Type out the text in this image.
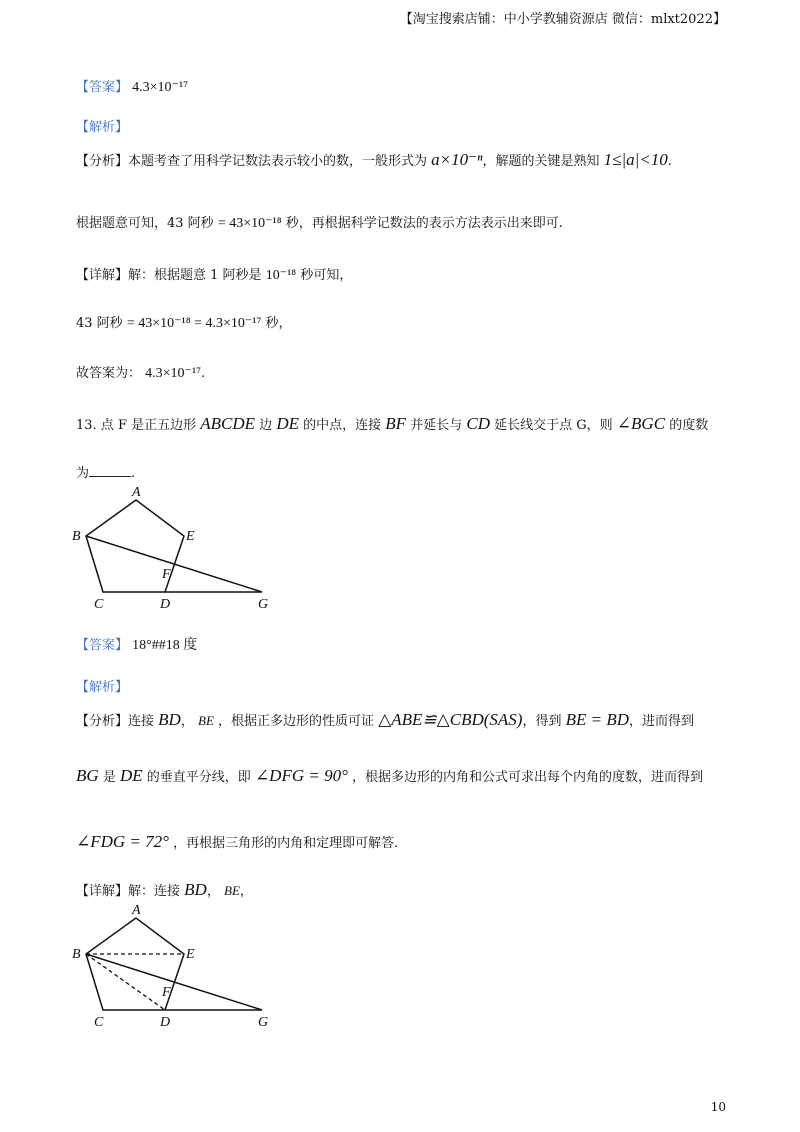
【淘宝搜索店铺：中小学教辅资源店 微信：mlxt2022】
【答案】 4.3×10⁻¹⁷
【解析】
【分析】本题考查了用科学记数法表示较小的数，一般形式为 a×10⁻ⁿ，解题的关键是熟知 1≤|a|<10.
根据题意可知，43 阿秒 = 43×10⁻¹⁸ 秒，再根据科学记数法的表示方法表示出来即可.
【详解】解：根据题意 1 阿秒是 10⁻¹⁸ 秒可知，
43 阿秒 = 43×10⁻¹⁸ = 4.3×10⁻¹⁷ 秒，
故答案为： 4.3×10⁻¹⁷.
13. 点 F 是正五边形 ABCDE 边 DE 的中点，连接 BF 并延长与 CD 延长线交于点 G，则 ∠BGC 的度数
为	.
A
B	E
F
C	D	G
【答案】 18°##18 度
【解析】
【分析】连接 BD， BE ，根据正多边形的性质可证 △ABE≌△CBD(SAS)，得到 BE = BD，进而得到
BG 是 DE 的垂直平分线，即 ∠DFG = 90° ，根据多边形的内角和公式可求出每个内角的度数，进而得到
∠FDG = 72° ，再根据三角形的内角和定理即可解答.
【详解】解：连接 BD， BE，
A
B	E
F
C	D	G
10
